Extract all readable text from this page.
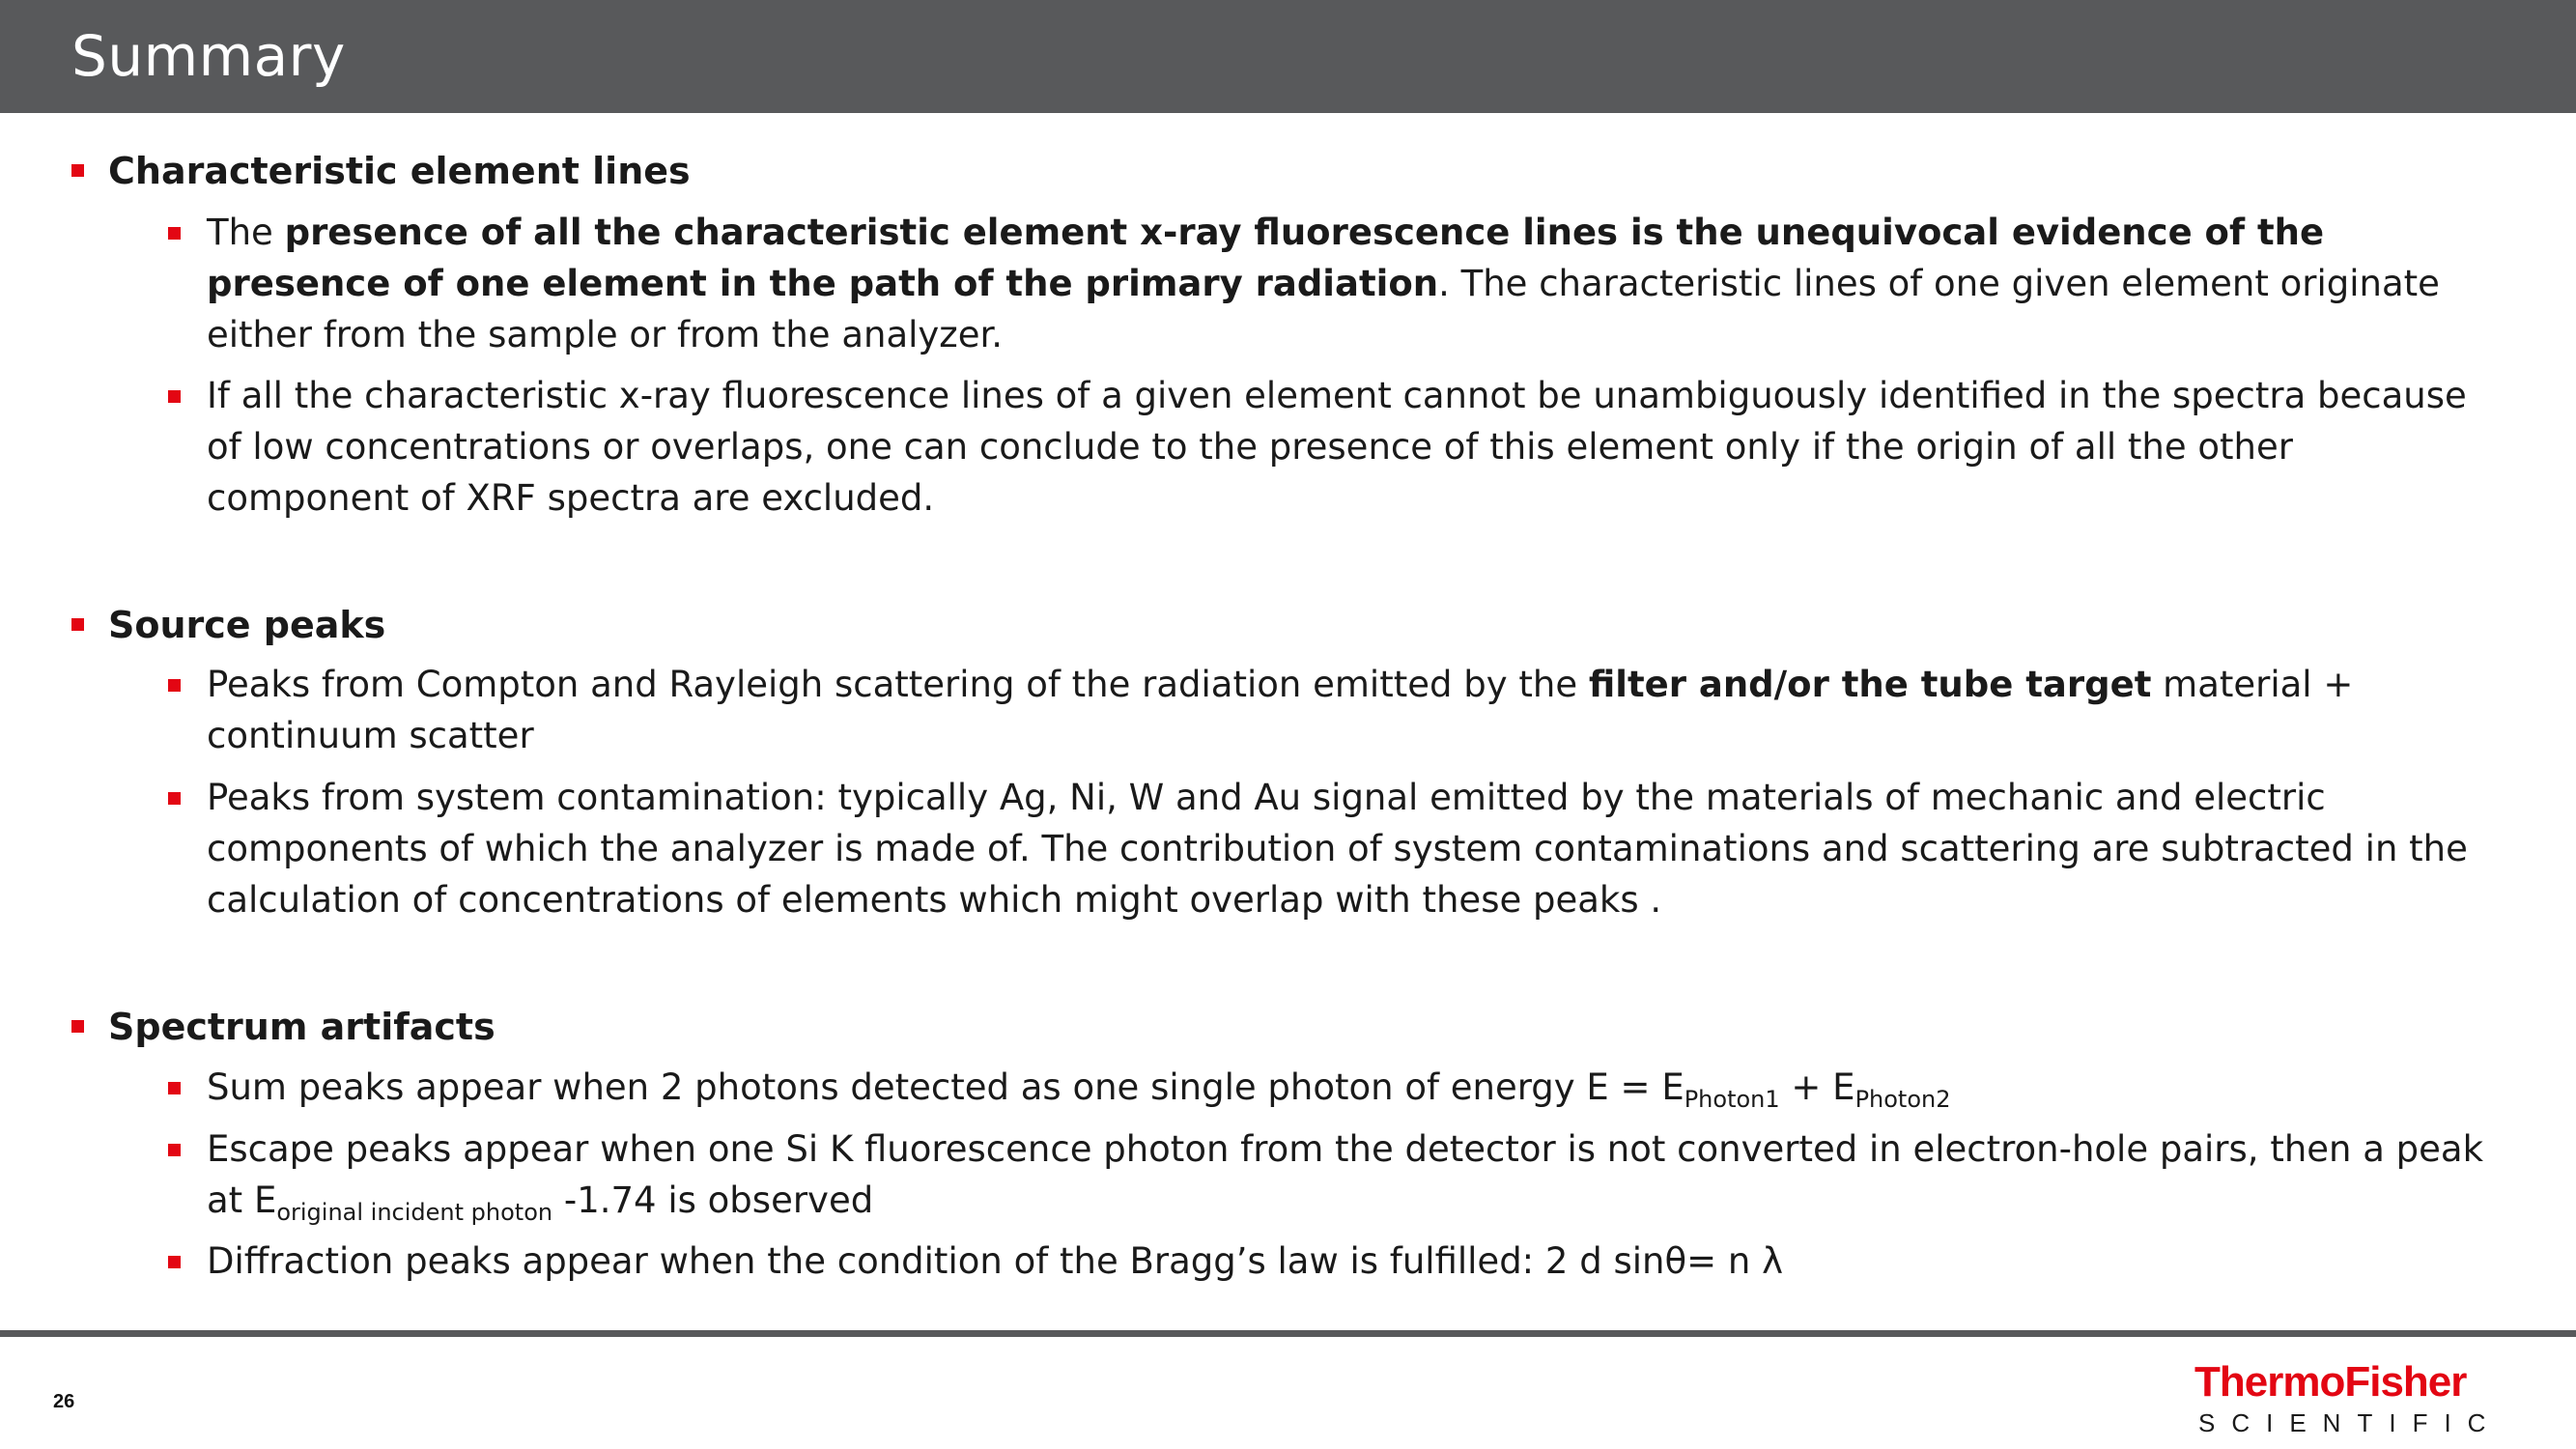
Summary
Characteristic element lines
The presence of all the characteristic element x-ray fluorescence lines is the unequivocal evidence of the presence of one element in the path of the primary radiation. The characteristic lines of one given element originate either from the sample or from the analyzer.
If all the characteristic x-ray fluorescence lines of a given element cannot be unambiguously identified in the spectra because of low concentrations or overlaps, one can conclude to the presence of this element only if the origin of all the other component of XRF spectra are excluded.
Source peaks
Peaks from Compton and Rayleigh scattering of the radiation emitted by the filter and/or the tube target material + continuum scatter
Peaks from system contamination: typically Ag, Ni, W and Au signal emitted by the materials of mechanic and electric components of which the analyzer is made of. The contribution of system contaminations and scattering are subtracted in the calculation of concentrations of elements which might overlap with these peaks .
Spectrum artifacts
Sum peaks appear when 2 photons detected as one single photon of energy $E = E_{Photon1} + E_{Photon2}$
Escape peaks appear when one Si K fluorescence photon from the detector is not converted in electron-hole pairs, then a peak at $E_{original incident photon}$ -1.74 is observed
Diffraction peaks appear when the condition of the Bragg’s law is fulfilled: 2 d sinθ= n λ
26	ThermoFisher
SCIENTIFIC
